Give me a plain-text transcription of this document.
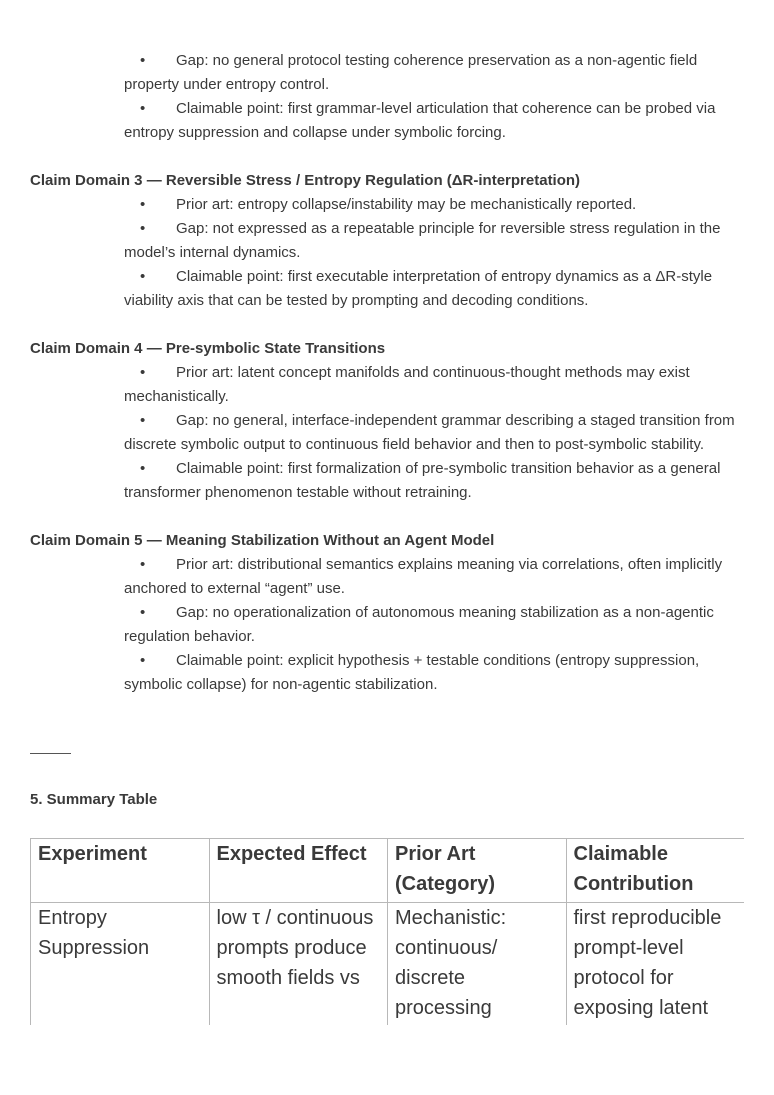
• Gap: no general protocol testing coherence preservation as a non-agentic field property under entropy control.
• Claimable point: first grammar-level articulation that coherence can be probed via entropy suppression and collapse under symbolic forcing.
Claim Domain 3 — Reversible Stress / Entropy Regulation (ΔR-interpretation)
• Prior art: entropy collapse/instability may be mechanistically reported.
• Gap: not expressed as a repeatable principle for reversible stress regulation in the model’s internal dynamics.
• Claimable point: first executable interpretation of entropy dynamics as a ΔR-style viability axis that can be tested by prompting and decoding conditions.
Claim Domain 4 — Pre-symbolic State Transitions
• Prior art: latent concept manifolds and continuous-thought methods may exist mechanistically.
• Gap: no general, interface-independent grammar describing a staged transition from discrete symbolic output to continuous field behavior and then to post-symbolic stability.
• Claimable point: first formalization of pre-symbolic transition behavior as a general transformer phenomenon testable without retraining.
Claim Domain 5 — Meaning Stabilization Without an Agent Model
• Prior art: distributional semantics explains meaning via correlations, often implicitly anchored to external “agent” use.
• Gap: no operationalization of autonomous meaning stabilization as a non-agentic regulation behavior.
• Claimable point: explicit hypothesis + testable conditions (entropy suppression, symbolic collapse) for non-agentic stabilization.
5. Summary Table
Experiment	Expected Effect	Prior Art (Category)	Claimable Contribution
Entropy Suppression	low τ / continuous prompts produce smooth fields vs	Mechanistic: continuous/ discrete processing	first reproducible prompt-level protocol for exposing latent
